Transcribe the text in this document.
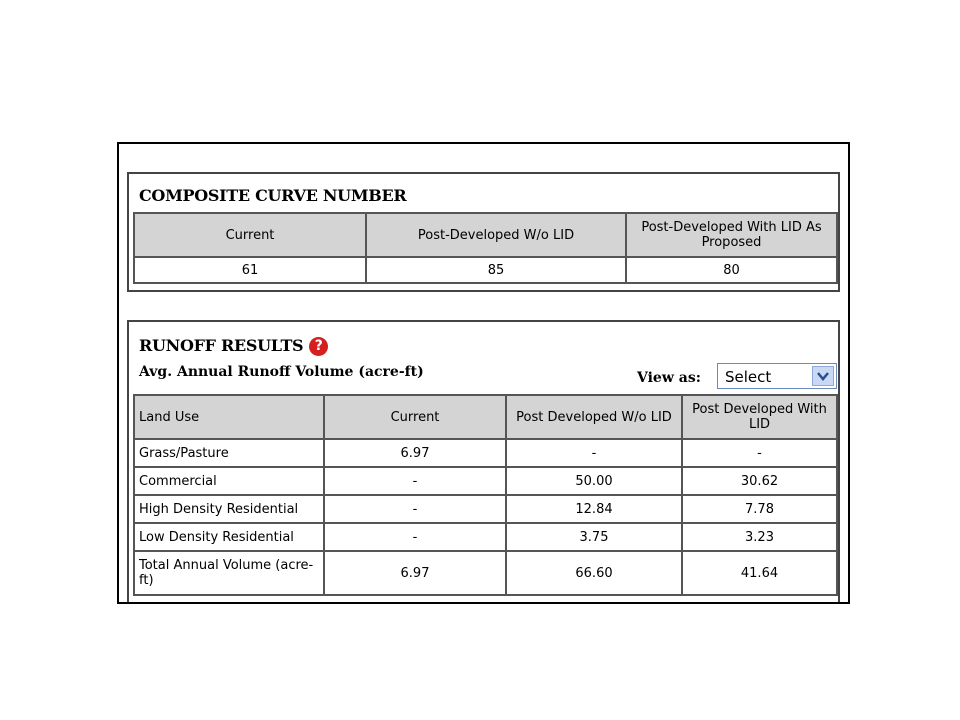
COMPOSITE CURVE NUMBER
Current	Post-Developed W/o LID	Post-Developed With LID As Proposed
61	85	80
RUNOFF RESULTS ?
Avg. Annual Runoff Volume (acre-ft)	View as: Select
Land Use	Current	Post Developed W/o LID	Post Developed With LID
Grass/Pasture	6.97	-	-
Commercial	-	50.00	30.62
High Density Residential	-	12.84	7.78
Low Density Residential	-	3.75	3.23
Total Annual Volume (acre-ft)	6.97	66.60	41.64
